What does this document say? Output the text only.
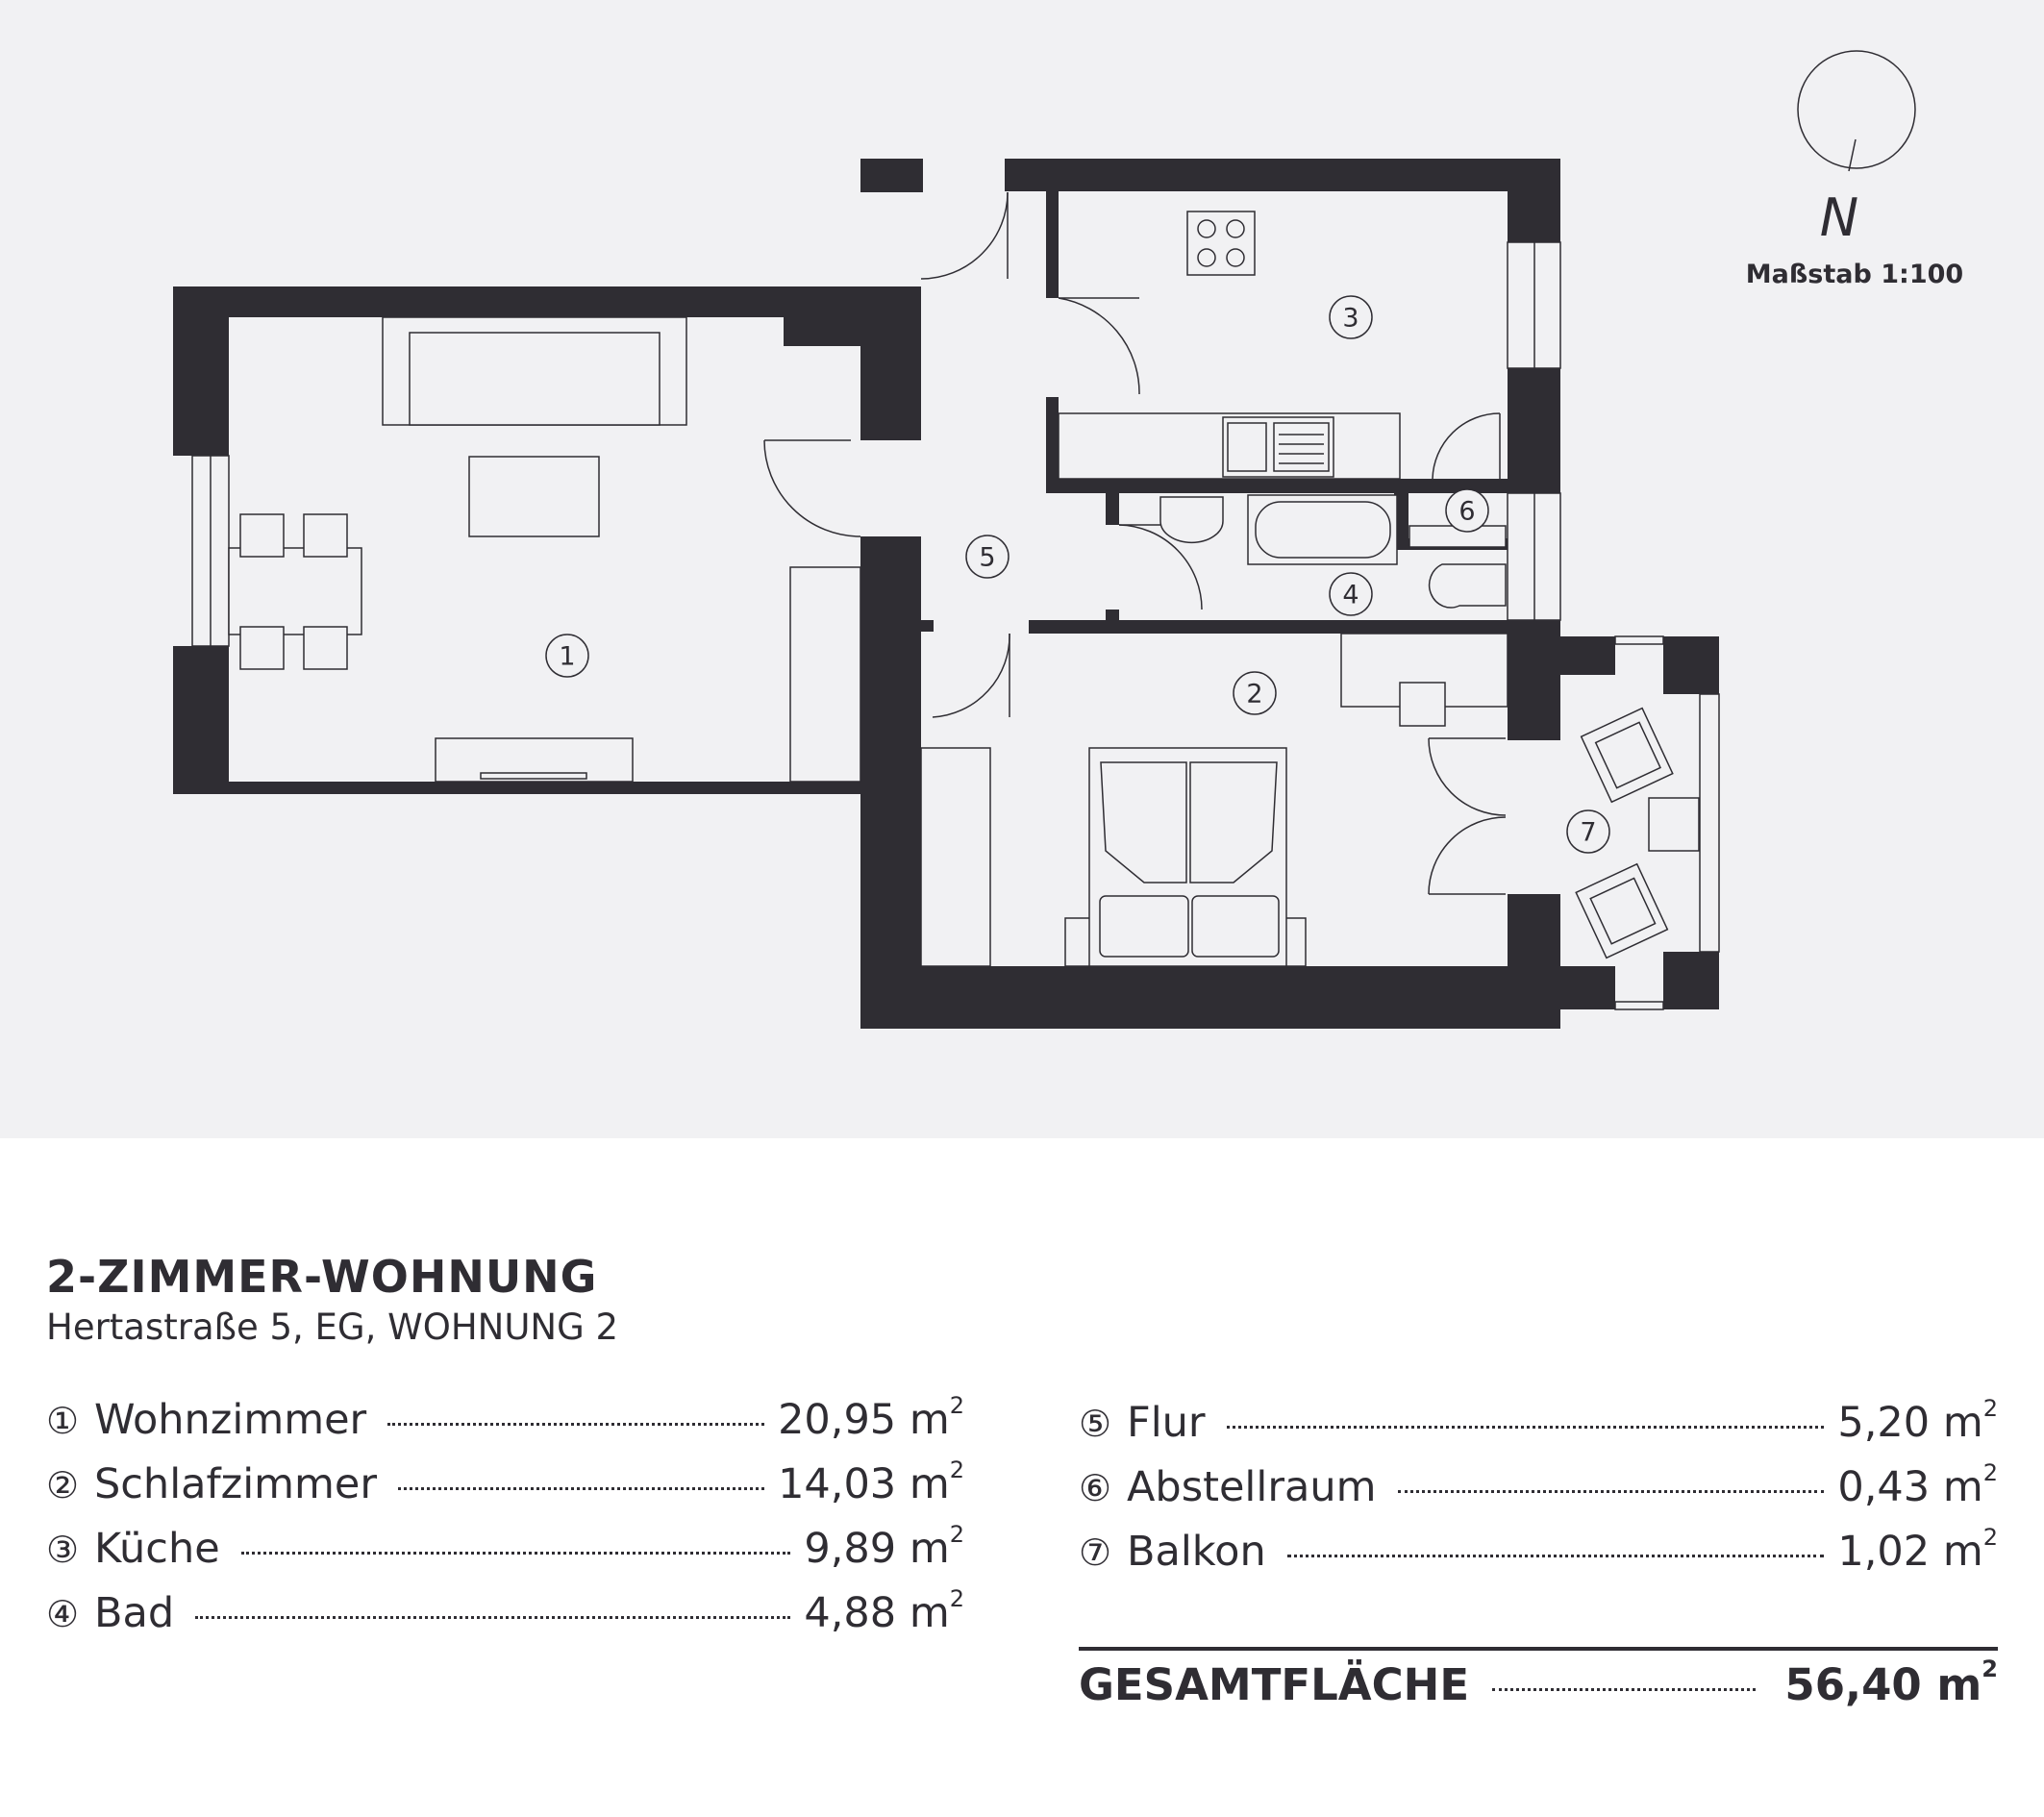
1
2
3
4
5
6
7
N
Maßstab 1:100
2-ZIMMER-WOHNUNG
Hertastraße 5, EG, WOHNUNG 2
① Wohnzimmer	20,95 $m^2$
② Schlafzimmer	14,03 $m^2$
③ Küche	9,89 $m^2$
④ Bad	4,88 $m^2$
⑤ Flur	5,20 $m^2$
⑥ Abstellraum	0,43 $m^2$
⑦ Balkon	1,02 $m^2$
GESAMTFLÄCHE	56,40 $m^2$
